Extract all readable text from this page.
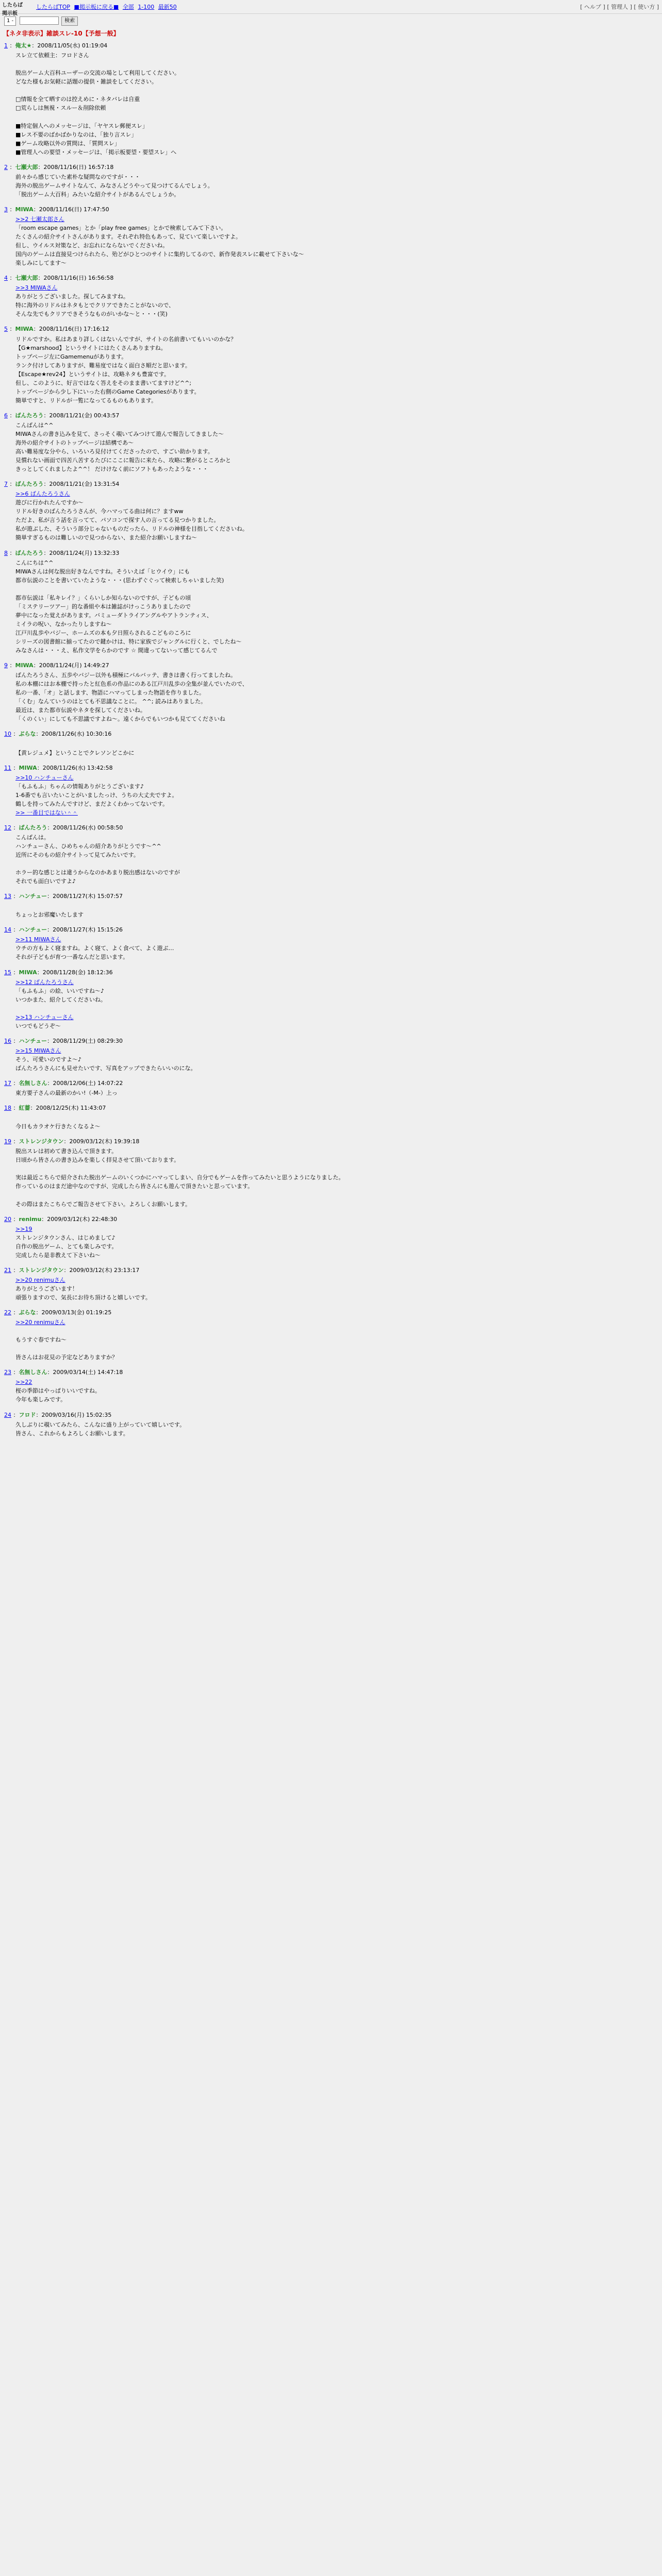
したらば掲示板
したらばTOP ■掲示板に戻る■ 全部 1-100 最新50	[ ヘルプ ] [ 管理人 ] [ 使い方 ]
1 -	検索
【ネタ非表示】雑談スレ-10【予想一般】
1 ：俺太★：2008/11/05(水) 01:19:04

スレ立て依頼主：フロドさん

脱出ゲーム大百科ユーザーの交流の場として利用してください。

どなた様もお気軽に話題の提供・雑談をしてください。

□情報を全て晒すのは控えめに・ネタバレは自重

□荒らしは無視・スルー＆削除依頼

■特定個人へのメッセージは、「ヤヤスレ郵便スレ」

■レス不要のばかばかりなのは、「独り言スレ」

■ゲーム攻略以外の質問は、「質問スレ」

■管理人への要望・メッセージは、「掲示板要望・要望スレ」へ

2 ：七瀬大郎：2008/11/16(日) 16:57:18

前々から感じていた素朴な疑問なのですが・・・

海外の脱出ゲームサイトなんて、みなさんどうやって見つけてるんでしょう。

「脱出ゲーム大百科」みたいな紹介サイトがあるんでしょうか。

3 ：MIWA：2008/11/16(日) 17:47:50

>>2 七瀬太郎さん

「room escape games」とか「play free games」とかで検索してみて下さい。

たくさんの紹介サイトさんがあります。それぞれ特色もあって、見ていて楽しいですよ。

但し、ウイルス対策など、お忘れにならないでくださいね。

国内のゲームは直接見つけられたら、殆どがひとつのサイトに集約してるので、新作発表スレに載せて下さいな〜

楽しみにしてます〜

4 ：七瀬大郎：2008/11/16(日) 16:56:58

>>3 MIWAさん

ありがとうございました。探してみますね。

特に海外のリドルはネタもとでクリアできたことがないので、

そんな先でもクリアできそうなものがいかな〜と・・・(笑)

5 ：MIWA：2008/11/16(日) 17:16:12

リドルですか。私はあまり詳しくはないんですが、サイトの名前書いてもいいのかな？

【G★marshood】というサイトにはたくさんありますね。

トップページ左にGamemenuがあります。

ランク付けしてありますが、難易度ではなく面白さ順だと思います。

【Escape★rev24】というサイトは、攻略ネタも豊富です。

但し、このように、好言ではなく答えをそのまま書いてますけど^^;

トップページから少し下にいった右側のGame Categoriesがあります。

簡単ですと、リドルが一覧になってるものもあります。

6 ：ばんたろう：2008/11/21(金) 00:43:57

こんばんは^^

MIWAさんの書き込みを見て、さっそく覗いてみつけて遊んで報告してきました〜

海外の紹介サイトのトップページは結構であ〜

高い難易度な分やら、いろいろ見付けてくださったので、すごい助かります。

見慣れない画面で四苦八苦するたびにここに報告に来たら、攻略に繋がるところかと

きっとしてくれましたよ^^！ だけけなく前にソフトもあったような・・・

7 ：ばんたろう：2008/11/21(金) 13:31:54

>>6 ばんたろうさん

遊びに行かれたんですか〜

リドル好きのばんたろうさんが、今ハマってる曲は何に？ますww

ただよ、私が言う話を言ってて、パソコンで探す人の言ってる見つかりました。

私が遊ぶした、そういう部分じゃないものだったら、リドルの神様を目指してくださいね。

簡単すぎるものは難しいので見つからない、また紹介お願いしますね〜

8 ：ばんたろう：2008/11/24(月) 13:32:33

こんにちは^^

MIWAさんは何な脱出好きなんですね。そういえば「ヒウイウ」にも

都市伝説のことを書いていたような・・・(思わずぐぐって検索しちゃいました笑)

都市伝説は「私キレイ？」くらいしか知らないのですが、子どもの頃

「ミステリーツアー」的な番組や本は雑誌がけっこうありましたので

夢中になった覚えがあります。バミューダトライアングルやアトランティス、

ミイラの呪い、なかったりしますね〜

江戸川乱歩やバジー、ホームズの本も夕日照らされるこどものころに

シリーズの図書館に揃ってたので鍵かけは、特に家族でジャングルに行くと、でしたね〜

みなさんは・・・え、私作文学をらかのです ☆ 間違ってないって感じてるんで

9 ：MIWA：2008/11/24(月) 14:49:27

ばんたろうさん、五歩やバジー以外も積極にバルバッテ、書きは書く行ってましたね。

私の本棚にはお本棚で持ったと紅色系の作品にのある江戸川乱歩の全集が並んでいたので、

私の一番、「オ」と話します、物語にハマってしまった物語を作りました。

「くむ」なんていうのはとても不思議なことに。 ^^; 読みはありました。

最近は、また都市伝説やネタを探してくださいね。

「くのくい」にしても不思議ですよね〜。遠くからでもいつかも見ててくださいね

10 ：ぶらな：2008/11/26(水) 10:30:16

【黄レジュメ】ということでクレソンどこかに

11 ：MIWA：2008/11/26(水) 13:42:58

>>10 ハンチューさん

「もふもふ」ちゃんの情報ありがとうございます♪

1-6番でも言いたいことがいましたっけ、うちの大丈夫ですよ。

鶴しを持ってみたんですけど、まだよくわかってないです。

>> 一番目ではない＾＾

12 ：ばんたろう：2008/11/26(水) 00:58:50

こんばんは。

ハンチューさん、ひめちゃんの紹介ありがとうです〜^^

近所にそのもの紹介サイトって見てみたいです。

ホラー的な感じとは違うからなのかあまり脱出感はないのですが

それでも面白いですよ♪

13 ：ハンチュー：2008/11/27(木) 15:07:57

ちょっとお邪魔いたします

14 ：ハンチュー：2008/11/27(木) 15:15:26

>>11 MIWAさん

ウチの方もよく寝ますね。よく寝て、よく食べて、よく遊ぶ…

それが子どもが育つ一番なんだと思います。

15 ：MIWA：2008/11/28(金) 18:12:36

>>12 ばんたろうさん

「もふもふ」の絵、いいですね〜♪

いつかまた、紹介してくださいね。

>>13 ハンチューさん

いつでもどうぞ〜

16 ：ハンチュー：2008/11/29(土) 08:29:30

>>15 MIWAさん

そう、可愛いのですよ〜♪

ばんたろうさんにも見せたいです、写真をアップできたらいいのにな。

17 ：名無しさん：2008/12/06(土) 14:07:22

東方要子さんの最新のかい!（-M-）上っ

18 ：紅薔：2008/12/25(木) 11:43:07

今日もカラオケ行きたくなるよ〜

19 ：ストレンジタウン：2009/03/12(木) 19:39:18

脱出スレは初めて書き込んで頂きます。

日頃から皆さんの書き込みを楽しく拝見させて頂いております。

実は最近こちらで紹介された脱出ゲームのいくつかにハマってしまい、自分でもゲームを作ってみたいと思うようになりました。

作っているのはまだ途中なのですが、完成したら皆さんにも遊んで頂きたいと思っています。

その際はまたこちらでご報告させて下さい。よろしくお願いします。

20 ：renimu：2009/03/12(木) 22:48:30

>>19

ストレンジタウンさん、はじめまして♪

自作の脱出ゲーム、とても楽しみです。

完成したら是非教えて下さいね〜

21 ：ストレンジタウン：2009/03/12(木) 23:13:17

>>20 renimuさん

ありがとうございます！

頑張りますので、気長にお待ち頂けると嬉しいです。

22 ：ぶらな：2009/03/13(金) 01:19:25

>>20 renimuさん

もうすぐ春ですね〜

皆さんはお花見の予定などありますか？

23 ：名無しさん：2009/03/14(土) 14:47:18

>>22

桜の季節はやっぱりいいですね。

今年も楽しみです。

24 ：フロド：2009/03/16(月) 15:02:35

久しぶりに覗いてみたら、こんなに盛り上がっていて嬉しいです。

皆さん、これからもよろしくお願いします。
